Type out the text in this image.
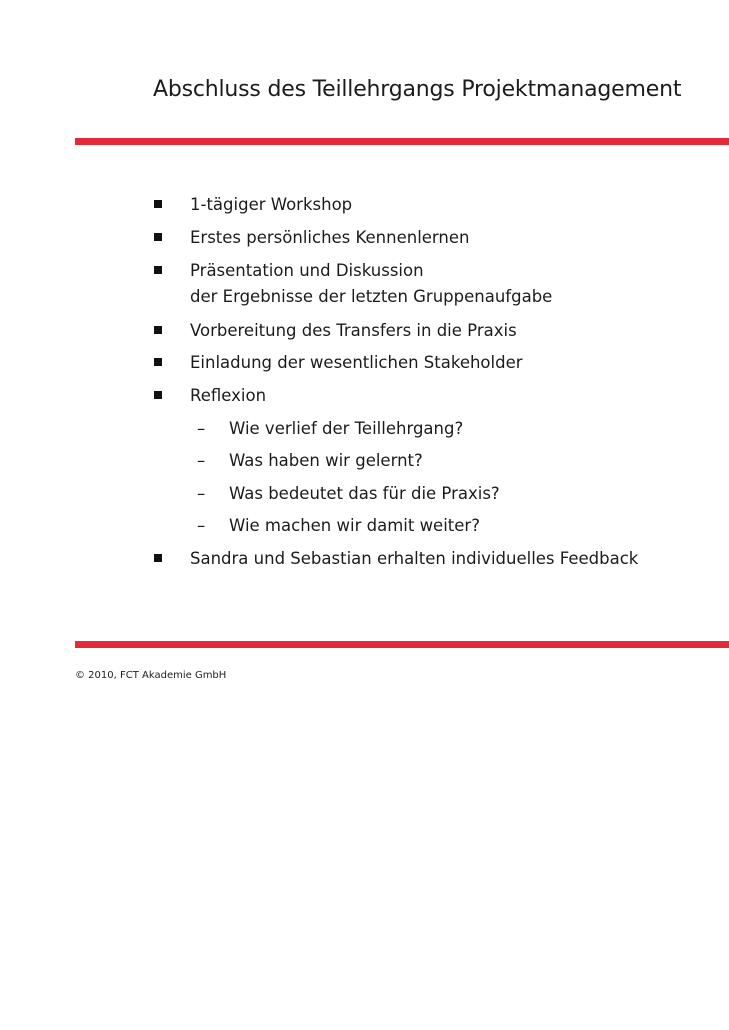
Abschluss des Teillehrgangs Projektmanagement
1-tägiger Workshop
Erstes persönliches Kennenlernen
Präsentation und Diskussion
der Ergebnisse der letzten Gruppenaufgabe
Vorbereitung des Transfers in die Praxis
Einladung der wesentlichen Stakeholder
Reflexion
– Wie verlief der Teillehrgang?
– Was haben wir gelernt?
– Was bedeutet das für die Praxis?
– Wie machen wir damit weiter?
Sandra und Sebastian erhalten individuelles Feedback
© 2010, FCT Akademie GmbH
